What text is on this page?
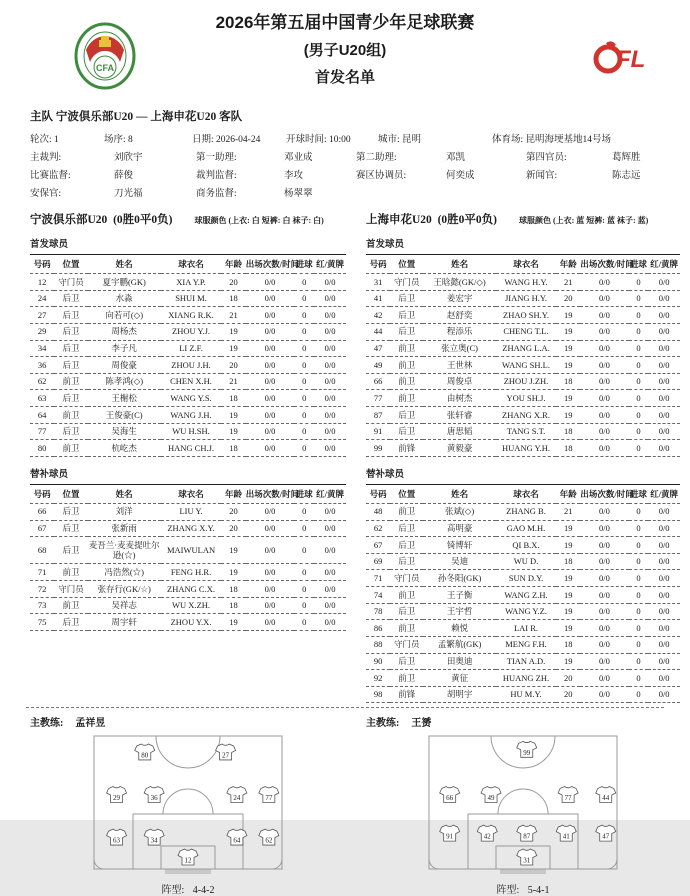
CFA
2026年第五届中国青少年足球联赛
(男子U20组)
首发名单
FL
主队 宁波俱乐部U20 — 上海申花U20 客队
轮次: 1	场序: 8	日期: 2026-04-24	开球时间: 10:00	城市: 昆明	体育场: 昆明海埂基地14号场
主裁判:	刘欣宇	第一助理:	邓业成	第二助理:	邓凯	第四官员:	葛辉胜
比赛监督:	薛俊	裁判监督:	李攻	赛区协调员:	何奕成	新闻官:	陈志远
安保官:	刀光福	商务监督:	杨翠翠
宁波俱乐部U20 (0胜0平0负)	球服颜色 (上衣: 白 短裤: 白 袜子: 白)	上海申花U20 (0胜0平0负)	球服颜色 (上衣: 蓝 短裤: 蓝 袜子: 蓝)
首发球员	首发球员
号码	位置	姓名	球衣名	年龄	出场次数/时间	进球	红/黄牌
12	守门员	夏宇鹏(GK)	XIA Y.P.	20	0/0	0	0/0
24	后卫	水淼	SHUI M.	18	0/0	0	0/0
27	后卫	向若可(◇)	XIANG R.K.	21	0/0	0	0/0
29	后卫	周杨杰	ZHOU Y.J.	19	0/0	0	0/0
34	后卫	李子凡	LI Z.F.	19	0/0	0	0/0
36	后卫	周俊豪	ZHOU J.H.	20	0/0	0	0/0
62	前卫	陈孝鸿(◇)	CHEN X.H.	21	0/0	0	0/0
63	后卫	王榭松	WANG Y.S.	18	0/0	0	0/0
64	前卫	王俊豪(C)	WANG J.H.	19	0/0	0	0/0
77	后卫	吴海生	WU H.SH.	19	0/0	0	0/0
80	前卫	杭屹杰	HANG CH.J.	18	0/0	0	0/0
号码	位置	姓名	球衣名	年龄	出场次数/时间	进球	红/黄牌
31	守门员	王晗懿(GK/◇)	WANG H.Y.	21	0/0	0	0/0
41	后卫	姜宏宇	JIANG H.Y.	20	0/0	0	0/0
42	后卫	赵舒奕	ZHAO SH.Y.	19	0/0	0	0/0
44	后卫	程添乐	CHENG T.L.	19	0/0	0	0/0
47	前卫	张立奥(C)	ZHANG L.A.	19	0/0	0	0/0
49	前卫	王世林	WANG SH.L.	19	0/0	0	0/0
66	前卫	周俊卓	ZHOU J.ZH.	18	0/0	0	0/0
77	前卫	由树杰	YOU SH.J.	19	0/0	0	0/0
87	后卫	张轩睿	ZHANG X.R.	19	0/0	0	0/0
91	后卫	唐思韬	TANG S.T.	18	0/0	0	0/0
99	前锋	黄毅豪	HUANG Y.H.	18	0/0	0	0/0
替补球员	替补球员
号码	位置	姓名	球衣名	年龄	出场次数/时间	进球	红/黄牌
66	后卫	刘洋	LIU Y.	20	0/0	0	0/0
67	后卫	张新雨	ZHANG X.Y.	20	0/0	0	0/0
68	后卫	麦吾兰·麦麦提吐尔逊(☆)	MAIWULAN	19	0/0	0	0/0
71	前卫	冯浩然(☆)	FENG H.R.	19	0/0	0	0/0
72	守门员	张存行(GK/☆)	ZHANG C.X.	18	0/0	0	0/0
73	前卫	吴祥志	WU X.ZH.	18	0/0	0	0/0
75	后卫	周宇轩	ZHOU Y.X.	19	0/0	0	0/0
号码	位置	姓名	球衣名	年龄	出场次数/时间	进球	红/黄牌
48	前卫	张斌(◇)	ZHANG B.	21	0/0	0	0/0
62	后卫	高明豪	GAO M.H.	19	0/0	0	0/0
67	后卫	锜博轩	QI B.X.	19	0/0	0	0/0
69	后卫	吴迪	WU D.	18	0/0	0	0/0
71	守门员	孙冬阳(GK)	SUN D.Y.	19	0/0	0	0/0
74	前卫	王子衡	WANG Z.H.	19	0/0	0	0/0
78	后卫	王宇哲	WANG Y.Z.	19	0/0	0	0/0
86	前卫	赖悦	LAI R.	19	0/0	0	0/0
88	守门员	孟繁航(GK)	MENG F.H.	18	0/0	0	0/0
90	后卫	田奥迪	TIAN A.D.	19	0/0	0	0/0
92	前卫	黄征	HUANG ZH.	20	0/0	0	0/0
98	前锋	胡明宇	HU M.Y.	20	0/0	0	0/0
主教练: 孟祥昱	主教练: 王赟
80	27
29	36	24	77
63	34	64	62
12
99
66	49	77	44
91	42	87	41	47
31
阵型: 4-4-2	阵型: 5-4-1
